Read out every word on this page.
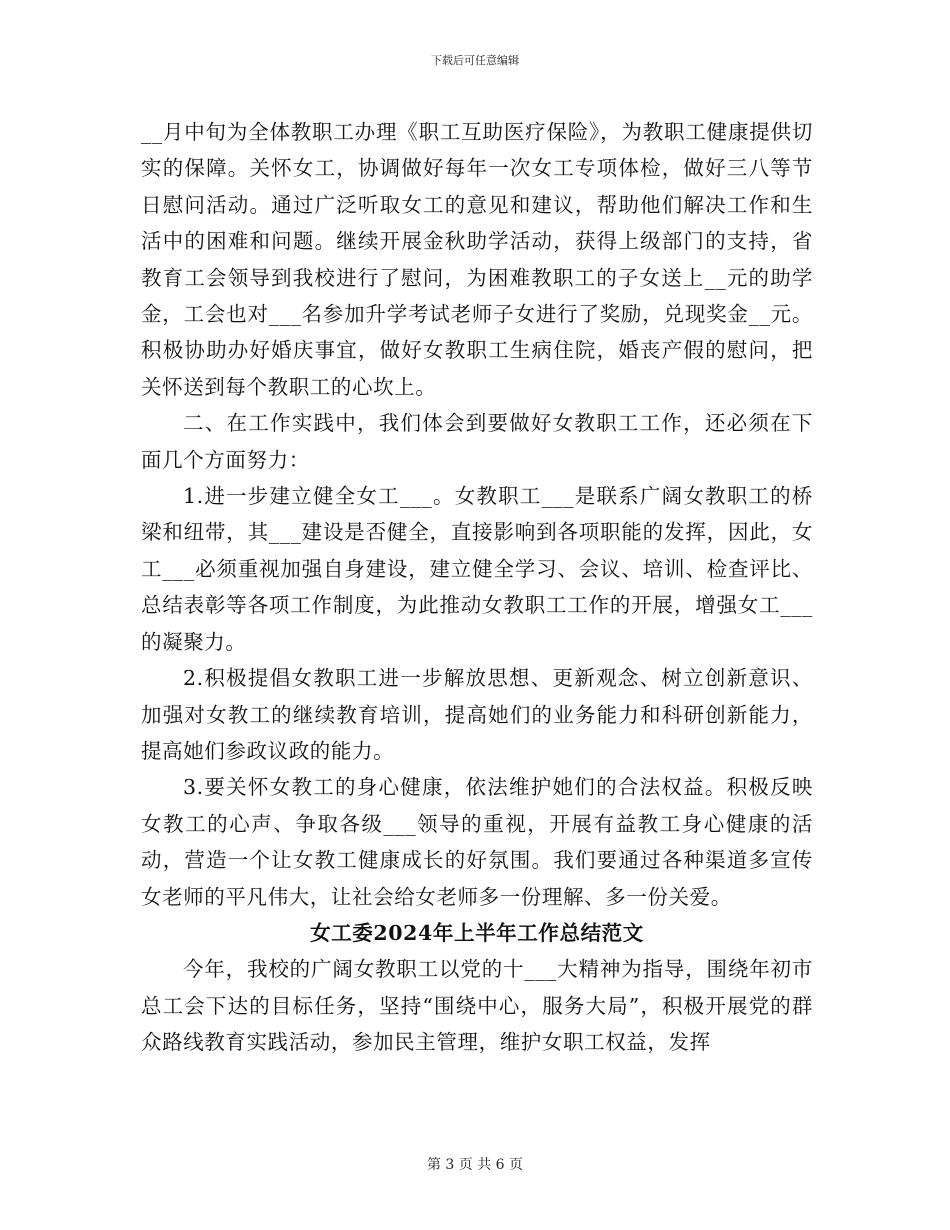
下载后可任意编辑

__月中旬为全体教职工办理《职工互助医疗保险》，为教职工健康提供切实的保障。关怀女工，协调做好每年一次女工专项体检，做好三八等节日慰问活动。通过广泛听取女工的意见和建议，帮助他们解决工作和生活中的困难和问题。继续开展金秋助学活动，获得上级部门的支持，省教育工会领导到我校进行了慰问，为困难教职工的子女送上__元的助学金，工会也对___名参加升学考试老师子女进行了奖励，兑现奖金__元。积极协助办好婚庆事宜，做好女教职工生病住院，婚丧产假的慰问，把关怀送到每个教职工的心坎上。

二、在工作实践中，我们体会到要做好女教职工工作，还必须在下面几个方面努力：

1.进一步建立健全女工___。女教职工___是联系广阔女教职工的桥梁和纽带，其___建设是否健全，直接影响到各项职能的发挥，因此，女工___必须重视加强自身建设，建立健全学习、会议、培训、检查评比、总结表彰等各项工作制度，为此推动女教职工工作的开展，增强女工___的凝聚力。

2.积极提倡女教职工进一步解放思想、更新观念、树立创新意识、加强对女教工的继续教育培训，提高她们的业务能力和科研创新能力，提高她们参政议政的能力。

3.要关怀女教工的身心健康，依法维护她们的合法权益。积极反映女教工的心声、争取各级___领导的重视，开展有益教工身心健康的活动，营造一个让女教工健康成长的好氛围。我们要通过各种渠道多宣传女老师的平凡伟大，让社会给女老师多一份理解、多一份关爱。

女工委2024年上半年工作总结范文

今年，我校的广阔女教职工以党的十___大精神为指导，围绕年初市总工会下达的目标任务，坚持“围绕中心，服务大局”，积极开展党的群众路线教育实践活动，参加民主管理，维护女职工权益，发挥

第 3 页 共 6 页
